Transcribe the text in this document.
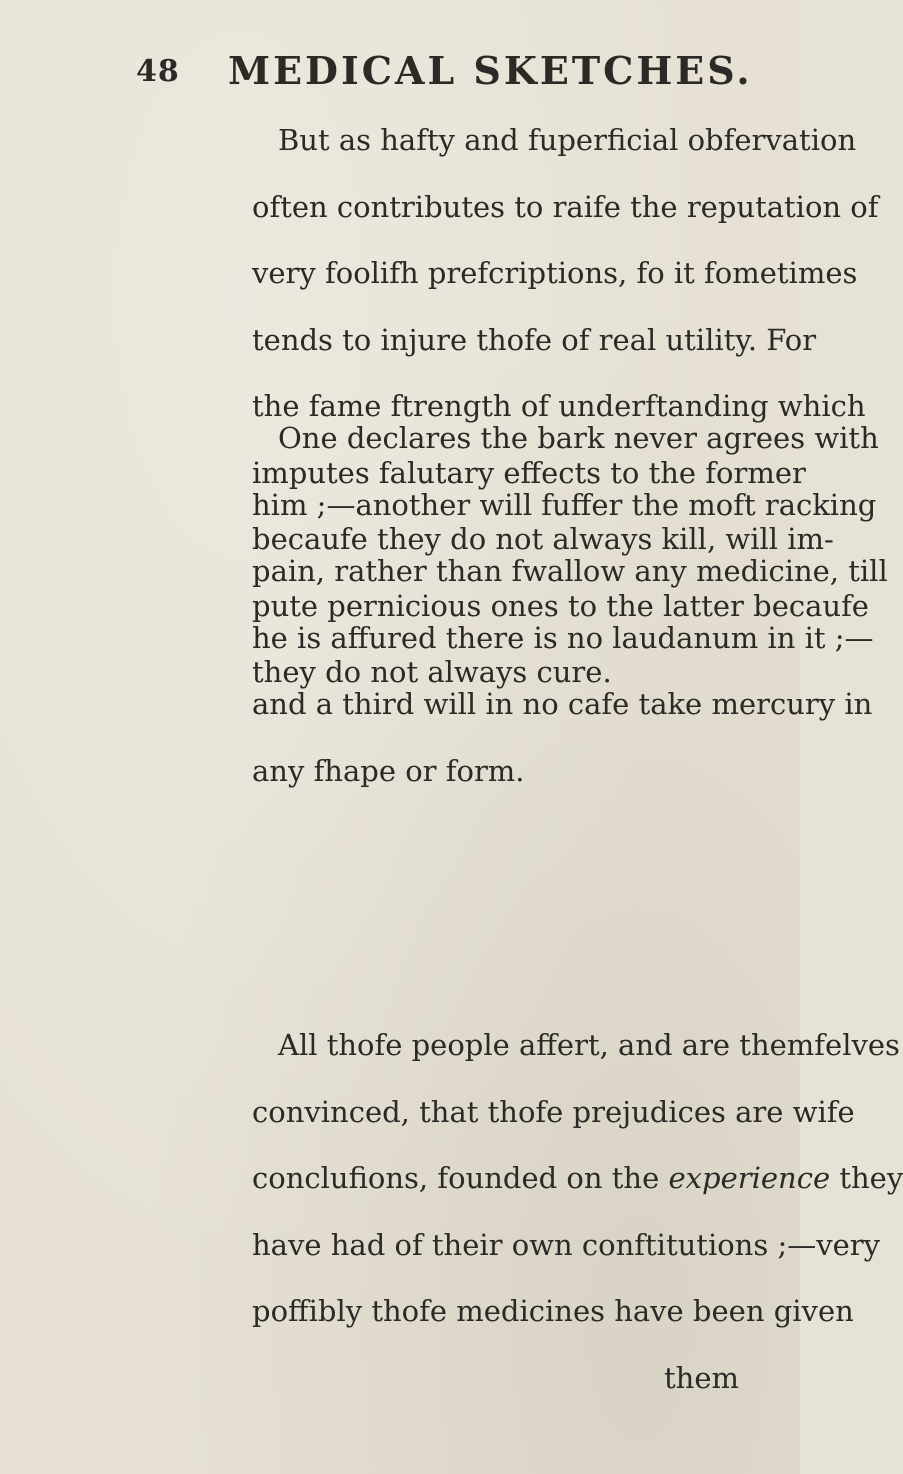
48 MEDICAL SKETCHES.
But as hafty and fuperficial obfervation
often contributes to raife the reputation of
very foolifh prefcriptions, fo it fometimes
tends to injure thofe of real utility. For
the fame ftrength of underftanding which
imputes falutary effects to the former
becaufe they do not always kill, will im-
pute pernicious ones to the latter becaufe
they do not always cure.
One declares the bark never agrees with
him ;—another will fuffer the moft racking
pain, rather than fwallow any medicine, till
he is affured there is no laudanum in it ;—
and a third will in no cafe take mercury in
any fhape or form.
All thofe people affert, and are themfelves
convinced, that thofe prejudices are wife
conclufions, founded on the experience they
have had of their own conftitutions ;—very
poffibly thofe medicines have been given
them
